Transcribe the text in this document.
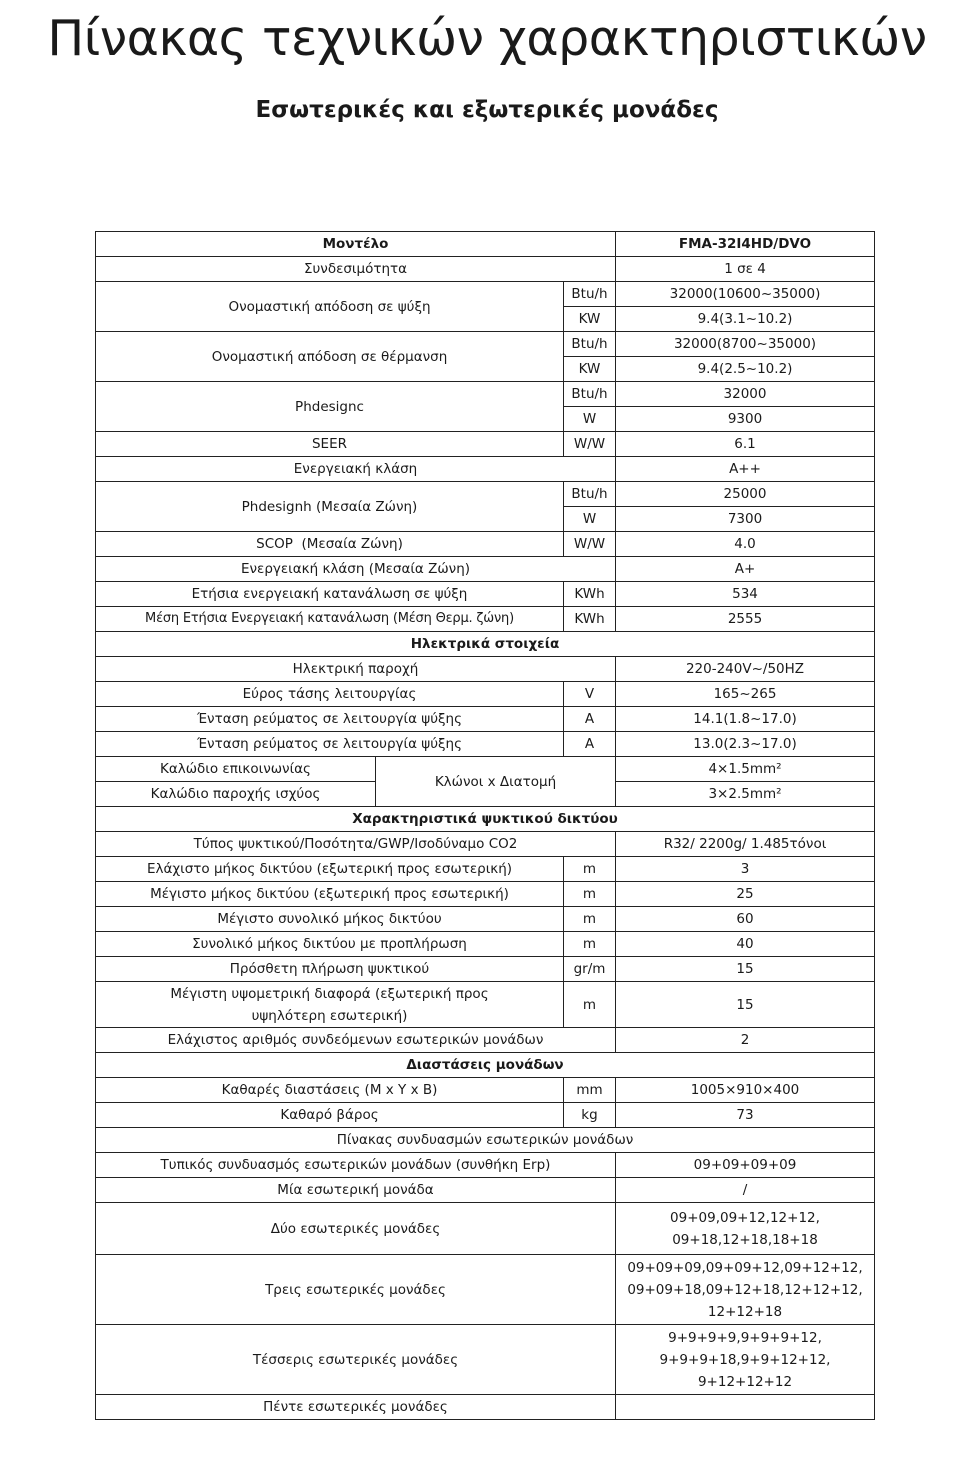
Πίνακας τεχνικών χαρακτηριστικών
Εσωτερικές και εξωτερικές μονάδες
Μοντέλο			FMA-32I4HD/DVO
Συνδεσιμότητα			1 σε 4
Ονομαστική απόδοση σε ψύξη		Btu/h	32000(10600~35000)
		KW	9.4(3.1~10.2)
Ονομαστική απόδοση σε θέρμανση		Btu/h	32000(8700~35000)
		KW	9.4(2.5~10.2)
Phdesignc		Btu/h	32000
		W	9300
SEER		W/W	6.1
Ενεργειακή κλάση			A++
Phdesignh (Μεσαία Ζώνη)		Btu/h	25000
		W	7300
SCOP  (Μεσαία Ζώνη)		W/W	4.0
Ενεργειακή κλάση (Μεσαία Ζώνη)			A+
Ετήσια ενεργειακή κατανάλωση σε ψύξη		KWh	534
Μέση Ετήσια Ενεργειακή κατανάλωση (Μέση Θερμ. ζώνη)		KWh	2555
Ηλεκτρικά στοιχεία			
Ηλεκτρική παροχή			220-240V~/50HZ
Εύρος τάσης λειτουργίας		V	165~265
Ένταση ρεύματος σε λειτουργία ψύξης		A	14.1(1.8~17.0)
Ένταση ρεύματος σε λειτουργία ψύξης		A	13.0(2.3~17.0)
Καλώδιο επικοινωνίας	Κλώνοι x Διατομή		4×1.5mm²
Καλώδιο παροχής ισχύος			3×2.5mm²
Χαρακτηριστικά ψυκτικού δικτύου			
Τύπος ψυκτικού/Ποσότητα/GWP/Ισοδύναμο CO2			R32/ 2200g/ 1.485τόνοι
Ελάχιστο μήκος δικτύου (εξωτερική προς εσωτερική)		m	3
Μέγιστο μήκος δικτύου (εξωτερική προς εσωτερική)		m	25
Μέγιστο συνολικό μήκος δικτύου		m	60
Συνολικό μήκος δικτύου με προπλήρωση		m	40
Πρόσθετη πλήρωση ψυκτικού		gr/m	15
Μέγιστη υψομετρική διαφορά (εξωτερική προς υψηλότερη εσωτερική)		m	15
Ελάχιστος αριθμός συνδεόμενων εσωτερικών μονάδων			2
Διαστάσεις μονάδων			
Καθαρές διαστάσεις (Μ x Υ x Β)		mm	1005×910×400
Καθαρό βάρος		kg	73
Πίνακας συνδυασμών εσωτερικών μονάδων			
Τυπικός συνδυασμός εσωτερικών μονάδων (συνθήκη Erp)			09+09+09+09
Μία εσωτερική μονάδα			/
Δύο εσωτερικές μονάδες			09+09,09+12,12+12,
09+18,12+18,18+18

Τρεις εσωτερικές μονάδες			09+09+09,09+09+12,09+12+12,
09+09+18,09+12+18,12+12+12,
12+12+18

Τέσσερις εσωτερικές μονάδες			9+9+9+9,9+9+9+12,
9+9+9+18,9+9+12+12,
9+12+12+12

Πέντε εσωτερικές μονάδες			
